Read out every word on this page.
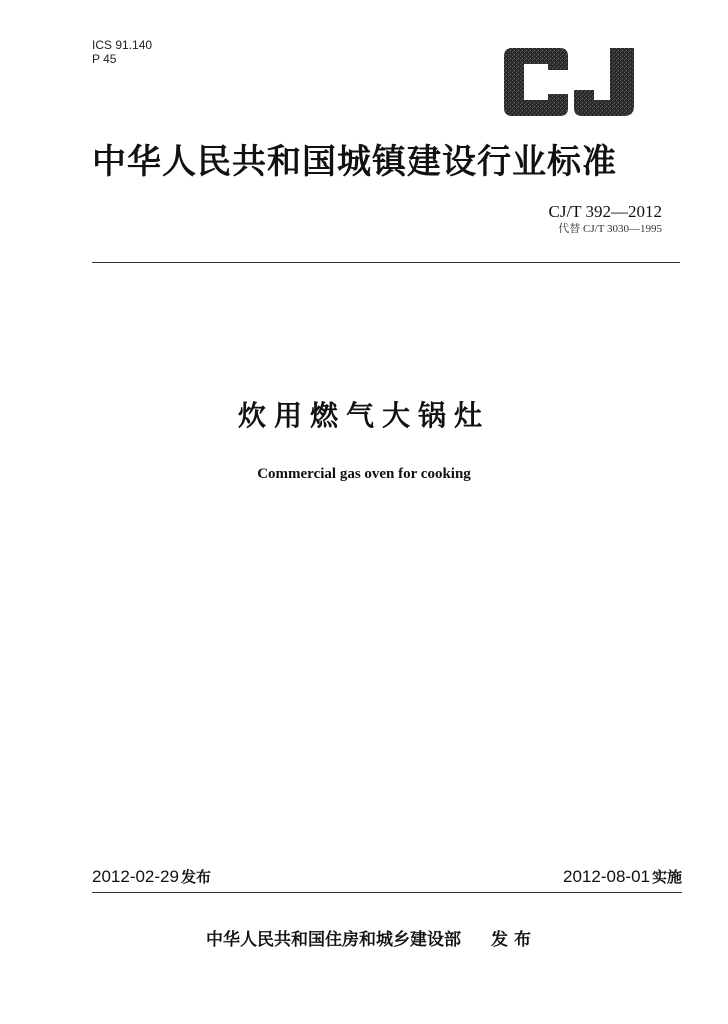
ICS 91.140
P 45
中华人民共和国城镇建设行业标准
CJ/T 392—2012
代替 CJ/T 3030—1995
炊用燃气大锅灶
Commercial gas oven for cooking
2012-02-29 发布	2012-08-01 实施
中华人民共和国住房和城乡建设部 发布
